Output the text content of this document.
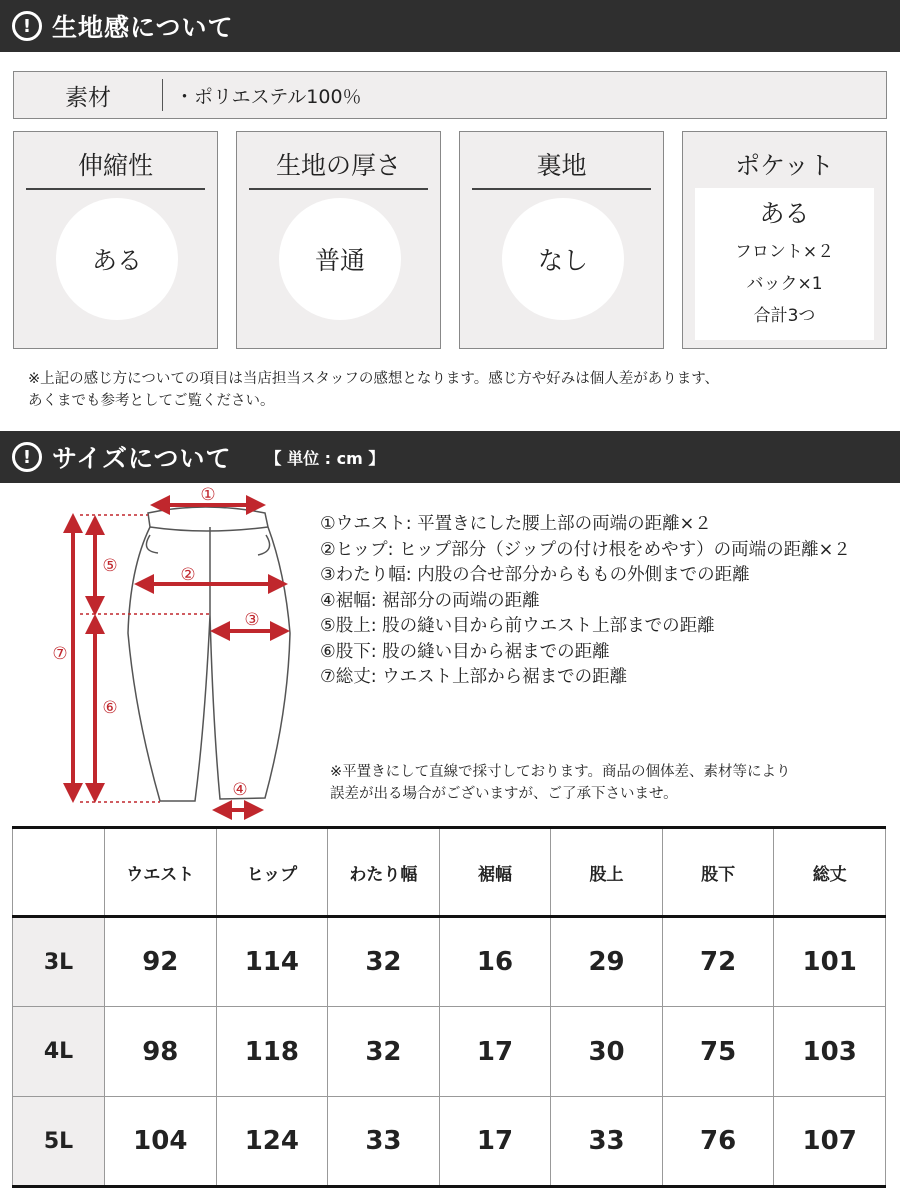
! 生地感について
素材	・ポリエステル100％
伸縮性
ある
生地の厚さ
普通
裏地
なし
ポケット
ある
フロント×２
バック×1
合計3つ
※上記の感じ方についての項目は当店担当スタッフの感想となります。感じ方や好みは個人差があります、
あくまでも参考としてご覧ください。
! サイズについて 【 単位 : cm 】
①
②
③
④
⑤
⑥
⑦
①ウエスト: 平置きにした腰上部の両端の距離×２
②ヒップ: ヒップ部分（ジップの付け根をめやす）の両端の距離×２
③わたり幅: 内股の合せ部分からももの外側までの距離
④裾幅: 裾部分の両端の距離
⑤股上: 股の縫い目から前ウエスト上部までの距離
⑥股下: 股の縫い目から裾までの距離
⑦総丈: ウエスト上部から裾までの距離
※平置きにして直線で採寸しております。商品の個体差、素材等により
誤差が出る場合がございますが、ご了承下さいませ。
	ウエスト	ヒップ	わたり幅	裾幅	股上	股下	総丈
3L	92	114	32	16	29	72	101
4L	98	118	32	17	30	75	103
5L	104	124	33	17	33	76	107
